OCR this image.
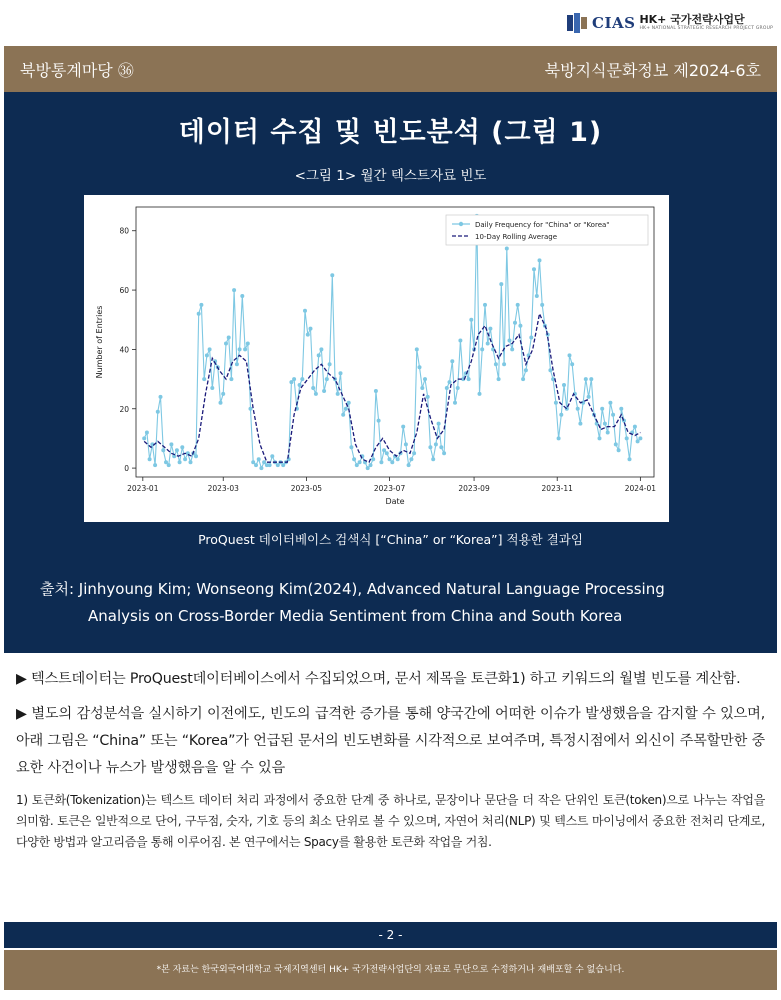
CIAS HK+ 국가전략사업단
HK+ NATIONAL STRATEGIC RESEARCH PROJECT GROUP
북방통계마당 ㊱	북방지식문화정보 제2024-6호
데이터 수집 및 빈도분석 (그림 1)
<그림 1> 월간 텍스트자료 빈도
0
20
40
60
80
2023-01	2023-03	2023-05	2023-07	2023-09	2023-11	2024-01
Date
Number of Entries
Daily Frequency for "China" or "Korea"
10-Day Rolling Average
ProQuest 데이터베이스 검색식 [“China” or “Korea”] 적용한 결과임
출처: Jinhyoung Kim; Wonseong Kim(2024), Advanced Natural Language Processing
Analysis on Cross-Border Media Sentiment from China and South Korea

▶ 텍스트데이터는 ProQuest데이터베이스에서 수집되었으며, 문서 제목을 토큰화1) 하고 키워드의 월별 빈도를 계산함.

▶ 별도의 감성분석을 실시하기 이전에도, 빈도의 급격한 증가를 통해 양국간에 어떠한 이슈가 발생했음을 감지할 수 있으며, 아래 그림은 “China” 또는 “Korea”가 언급된 문서의 빈도변화를 시각적으로 보여주며, 특정시점에서 외신이 주목할만한 중요한 사건이나 뉴스가 발생했음을 알 수 있음

1) 토큰화(Tokenization)는 텍스트 데이터 처리 과정에서 중요한 단계 중 하나로, 문장이나 문단을 더 작은 단위인 토큰(token)으로 나누는 작업을 의미함. 토큰은 일반적으로 단어, 구두점, 숫자, 기호 등의 최소 단위로 볼 수 있으며, 자연어 처리(NLP) 및 텍스트 마이닝에서 중요한 전처리 단계로, 다양한 방법과 알고리즘을 통해 이루어짐. 본 연구에서는 Spacy를 활용한 토큰화 작업을 거침.

- 2 -
*본 자료는 한국외국어대학교 국제지역센터 HK+ 국가전략사업단의 자료로 무단으로 수정하거나 재배포할 수 없습니다.
